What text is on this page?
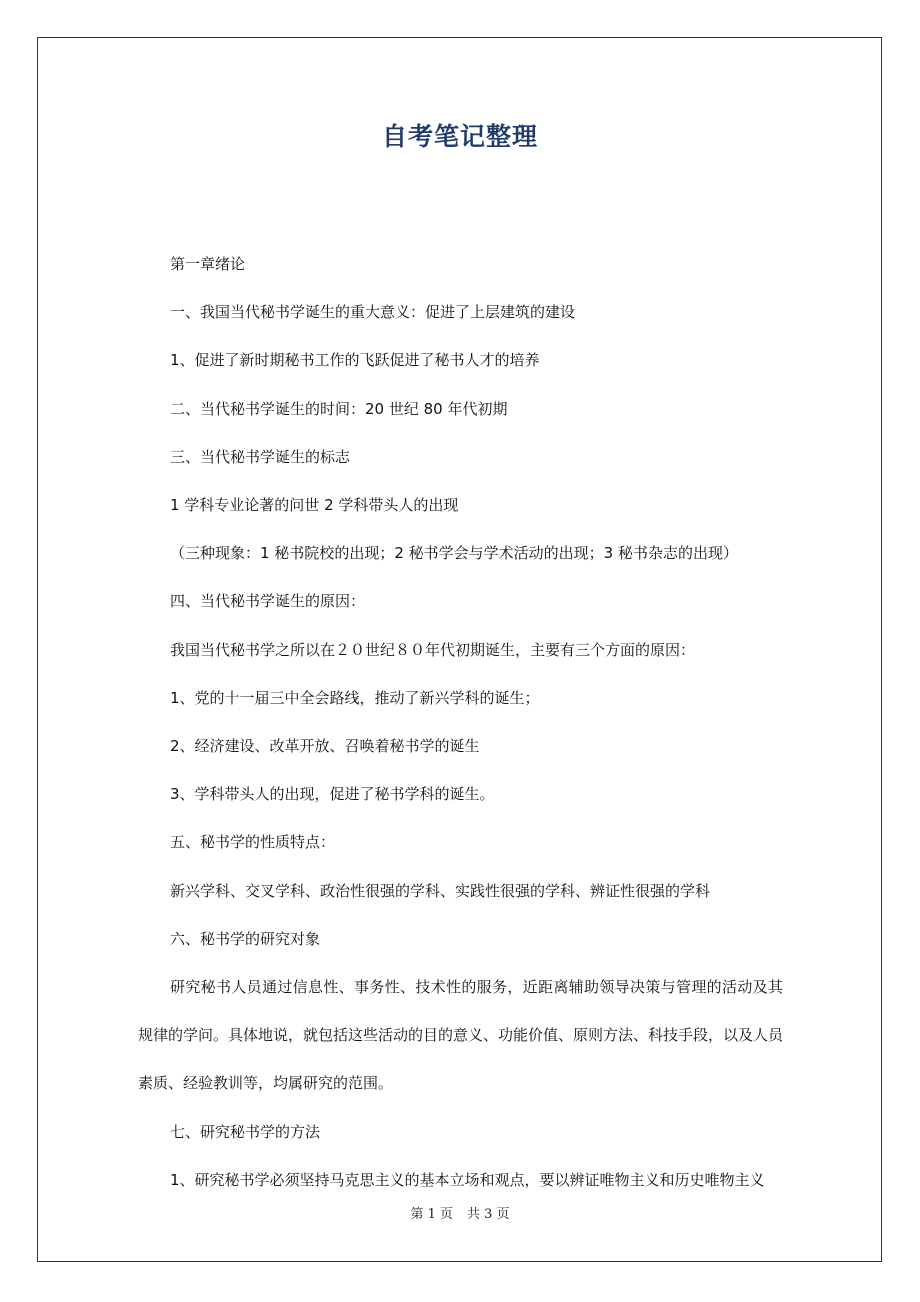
自考笔记整理

第一章绪论

一、我国当代秘书学诞生的重大意义：促进了上层建筑的建设

1、促进了新时期秘书工作的飞跃促进了秘书人才的培养

二、当代秘书学诞生的时间：20 世纪 80 年代初期

三、当代秘书学诞生的标志

1 学科专业论著的问世 2 学科带头人的出现

（三种现象：1 秘书院校的出现；2 秘书学会与学术活动的出现；3 秘书杂志的出现）

四、当代秘书学诞生的原因：

我国当代秘书学之所以在２０世纪８０年代初期诞生，主要有三个方面的原因：

1、党的十一届三中全会路线，推动了新兴学科的诞生；

2、经济建设、改革开放、召唤着秘书学的诞生

3、学科带头人的出现，促进了秘书学科的诞生。

五、秘书学的性质特点：

新兴学科、交叉学科、政治性很强的学科、实践性很强的学科、辨证性很强的学科

六、秘书学的研究对象

研究秘书人员通过信息性、事务性、技术性的服务，近距离辅助领导决策与管理的活动及其规律的学问。具体地说，就包括这些活动的目的意义、功能价值、原则方法、科技手段，以及人员素质、经验教训等，均属研究的范围。

七、研究秘书学的方法

1、研究秘书学必须坚持马克思主义的基本立场和观点，要以辨证唯物主义和历史唯物主义

第 1 页 共 3 页
